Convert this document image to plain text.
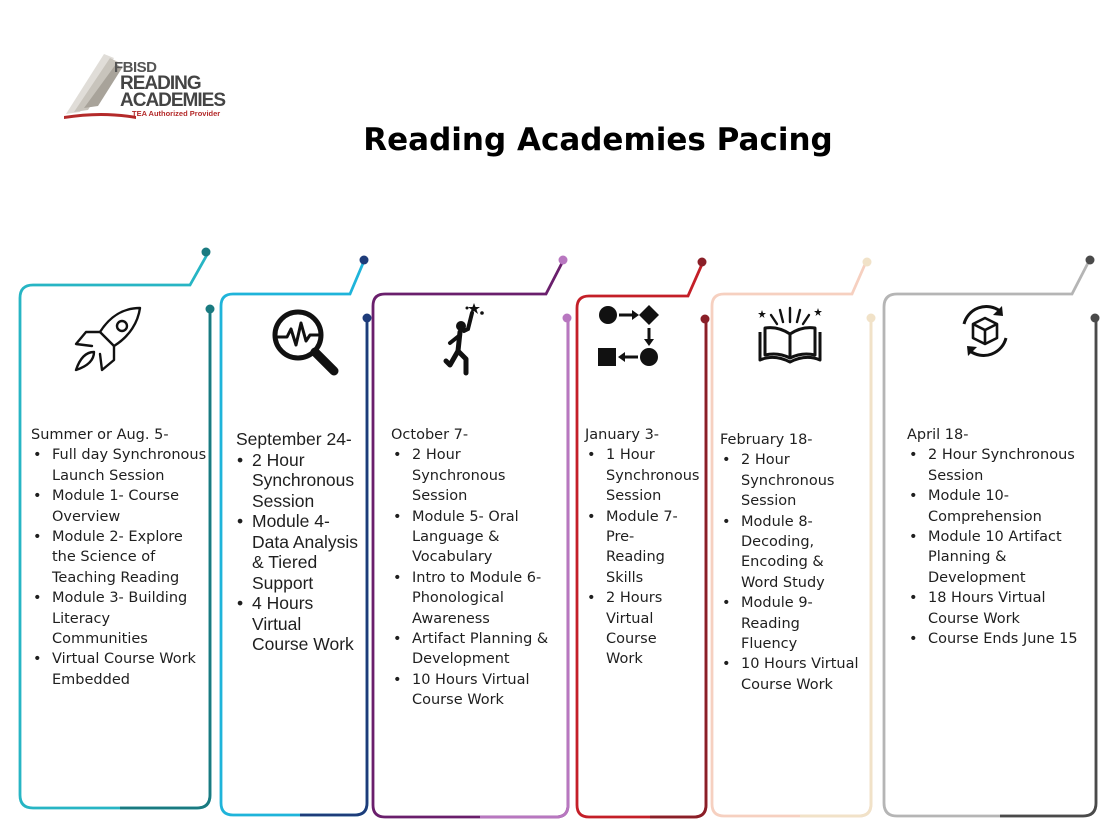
FBISD
READING
ACADEMIES
TEA Authorized Provider
Reading Academies Pacing
Summer or Aug. 5-
• Full day Synchronous Launch Session
• Module 1- Course Overview
• Module 2- Explore the Science of Teaching Reading
• Module 3- Building Literacy Communities
• Virtual Course Work Embedded
September 24-
• 2 Hour Synchronous Session
• Module 4- Data Analysis & Tiered Support
• 4 Hours Virtual Course Work
October 7-
• 2 Hour Synchronous Session
• Module 5- Oral Language & Vocabulary
• Intro to Module 6- Phonological Awareness
• Artifact Planning & Development
• 10 Hours Virtual Course Work
January 3-
• 1 Hour Synchronous Session
• Module 7- Pre-Reading Skills
• 2 Hours Virtual Course Work
February 18-
• 2 Hour Synchronous Session
• Module 8- Decoding, Encoding & Word Study
• Module 9- Reading Fluency
• 10 Hours Virtual Course Work
April 18-
• 2 Hour Synchronous Session
• Module 10- Comprehension
• Module 10 Artifact Planning & Development
• 18 Hours Virtual Course Work
• Course Ends June 15
